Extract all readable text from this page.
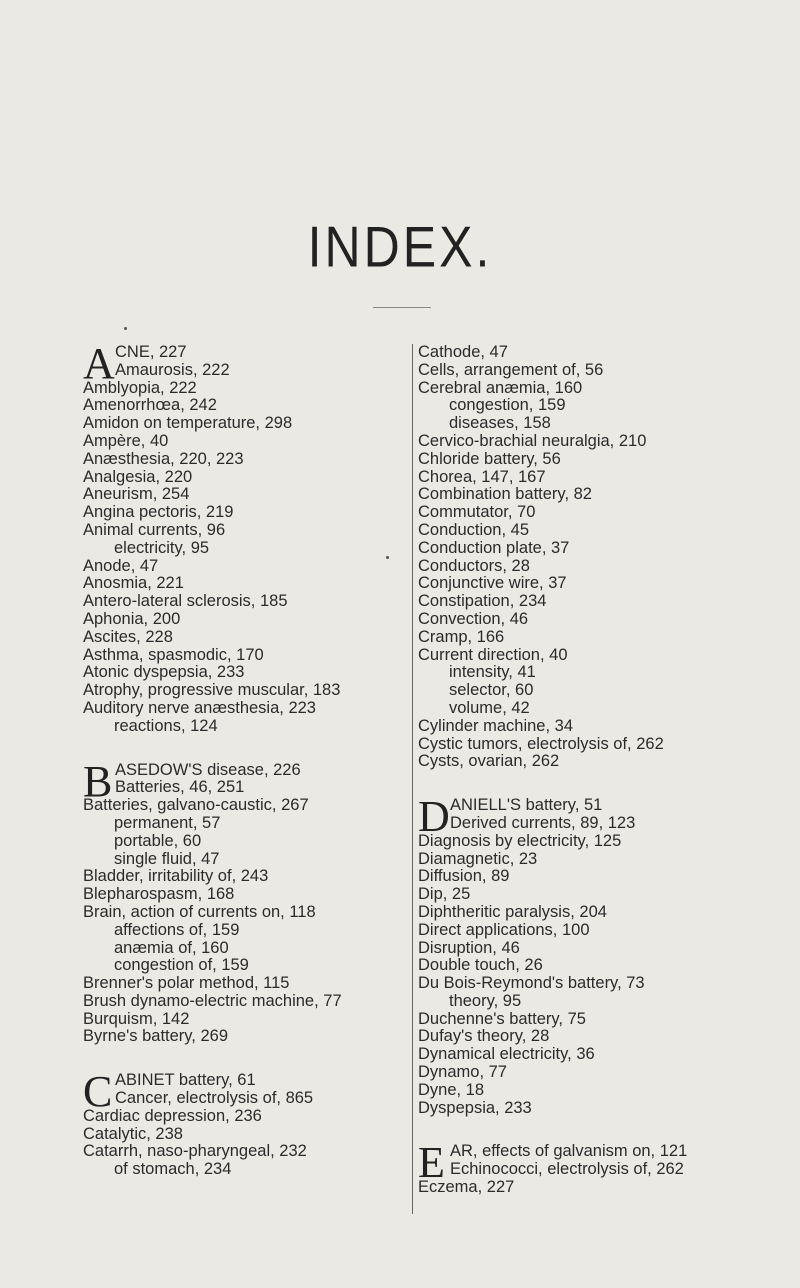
INDEX.
A CNE, 227
Amaurosis, 222
Amblyopia, 222
Amenorrhœa, 242
Amidon on temperature, 298
Ampère, 40
Anæsthesia, 220, 223
Analgesia, 220
Aneurism, 254
Angina pectoris, 219
Animal currents, 96
electricity, 95
Anode, 47
Anosmia, 221
Antero-lateral sclerosis, 185
Aphonia, 200
Ascites, 228
Asthma, spasmodic, 170
Atonic dyspepsia, 233
Atrophy, progressive muscular, 183
Auditory nerve anæsthesia, 223
reactions, 124
B ASEDOW'S disease, 226
Batteries, 46, 251
Batteries, galvano-caustic, 267
permanent, 57
portable, 60
single fluid, 47
Bladder, irritability of, 243
Blepharospasm, 168
Brain, action of currents on, 118
affections of, 159
anæmia of, 160
congestion of, 159
Brenner's polar method, 115
Brush dynamo-electric machine, 77
Burquism, 142
Byrne's battery, 269
C ABINET battery, 61
Cancer, electrolysis of, 865
Cardiac depression, 236
Catalytic, 238
Catarrh, naso-pharyngeal, 232
of stomach, 234
Cathode, 47
Cells, arrangement of, 56
Cerebral anæmia, 160
congestion, 159
diseases, 158
Cervico-brachial neuralgia, 210
Chloride battery, 56
Chorea, 147, 167
Combination battery, 82
Commutator, 70
Conduction, 45
Conduction plate, 37
Conductors, 28
Conjunctive wire, 37
Constipation, 234
Convection, 46
Cramp, 166
Current direction, 40
intensity, 41
selector, 60
volume, 42
Cylinder machine, 34
Cystic tumors, electrolysis of, 262
Cysts, ovarian, 262
D ANIELL'S battery, 51
Derived currents, 89, 123
Diagnosis by electricity, 125
Diamagnetic, 23
Diffusion, 89
Dip, 25
Diphtheritic paralysis, 204
Direct applications, 100
Disruption, 46
Double touch, 26
Du Bois-Reymond's battery, 73
theory, 95
Duchenne's battery, 75
Dufay's theory, 28
Dynamical electricity, 36
Dynamo, 77
Dyne, 18
Dyspepsia, 233
E AR, effects of galvanism on, 121
Echinococci, electrolysis of, 262
Eczema, 227
